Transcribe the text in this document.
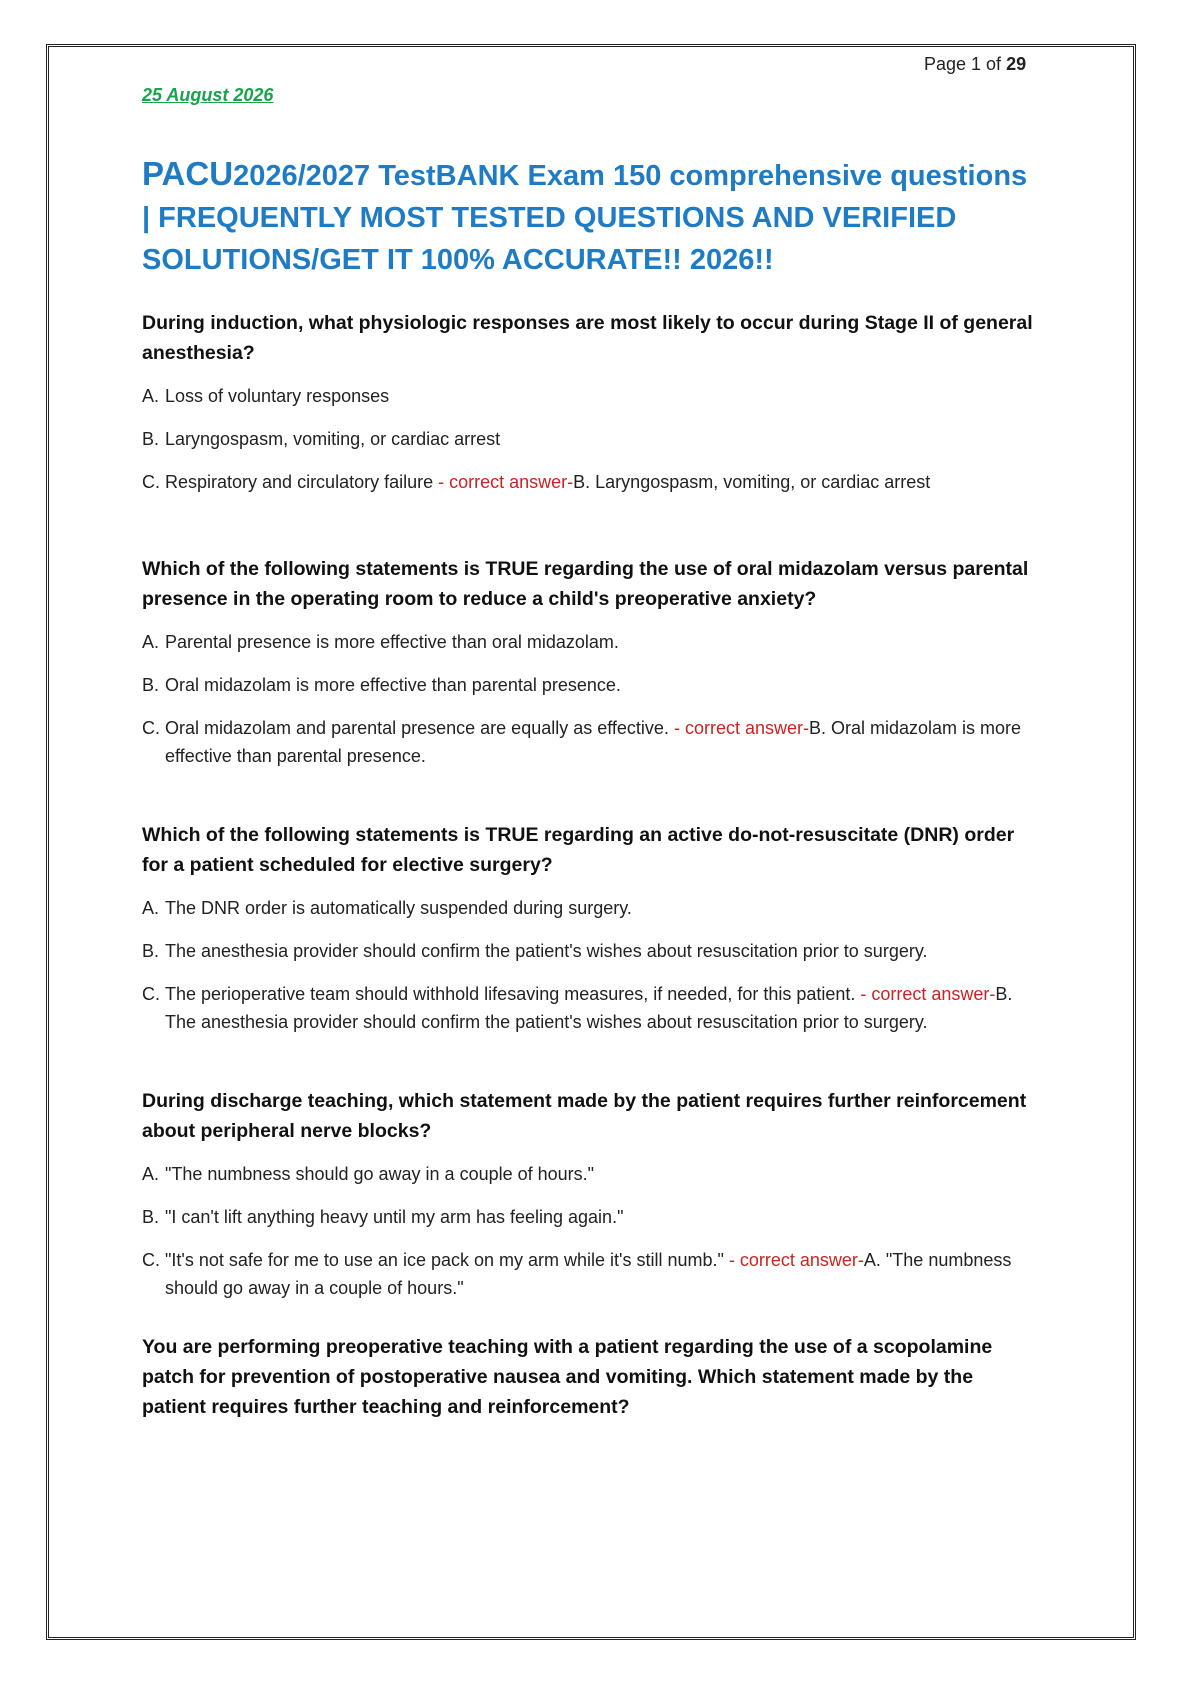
Page 1 of 29
25 August 2026
PACU2026/2027 TestBANK Exam 150 comprehensive questions | FREQUENTLY MOST TESTED QUESTIONS AND VERIFIED SOLUTIONS/GET IT 100% ACCURATE!! 2026!!

During induction, what physiologic responses are most likely to occur during Stage II of general anesthesia?

A. Loss of voluntary responses
B. Laryngospasm, vomiting, or cardiac arrest
C. Respiratory and circulatory failure - correct answer-B. Laryngospasm, vomiting, or cardiac arrest

Which of the following statements is TRUE regarding the use of oral midazolam versus parental presence in the operating room to reduce a child's preoperative anxiety?

A. Parental presence is more effective than oral midazolam.
B. Oral midazolam is more effective than parental presence.
C. Oral midazolam and parental presence are equally as effective. - correct answer-B. Oral midazolam is more effective than parental presence.

Which of the following statements is TRUE regarding an active do-not-resuscitate (DNR) order for a patient scheduled for elective surgery?

A. The DNR order is automatically suspended during surgery.
B. The anesthesia provider should confirm the patient's wishes about resuscitation prior to surgery.
C. The perioperative team should withhold lifesaving measures, if needed, for this patient. - correct answer-B. The anesthesia provider should confirm the patient's wishes about resuscitation prior to surgery.

During discharge teaching, which statement made by the patient requires further reinforcement about peripheral nerve blocks?

A. "The numbness should go away in a couple of hours."
B. "I can't lift anything heavy until my arm has feeling again."
C. "It's not safe for me to use an ice pack on my arm while it's still numb." - correct answer-A. "The numbness should go away in a couple of hours."

You are performing preoperative teaching with a patient regarding the use of a scopolamine patch for prevention of postoperative nausea and vomiting. Which statement made by the patient requires further teaching and reinforcement?
